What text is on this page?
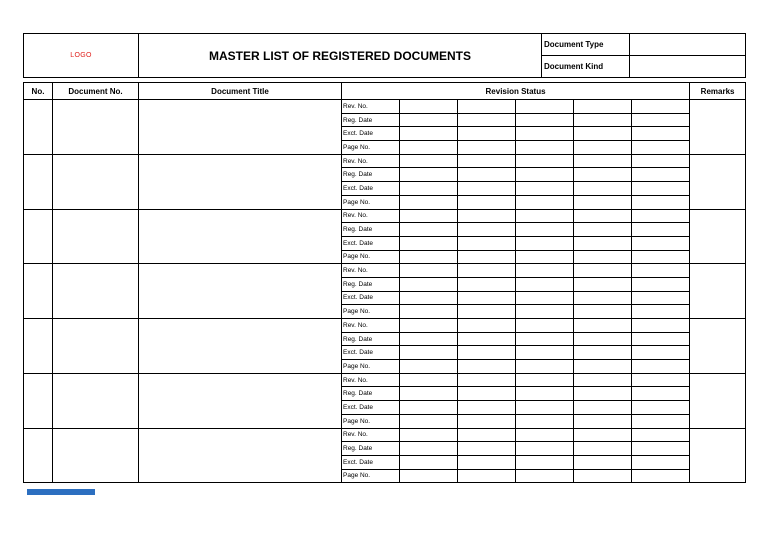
LOGO	MASTER LIST OF REGISTERED DOCUMENTS	Document Type	
		Document Kind	
No.	Document No.	Document Title	Revision Status						Remarks
			Rev. No.						
			Reg. Date						
			Exct. Date						
			Page No.						
			Rev. No.						
			Reg. Date						
			Exct. Date						
			Page No.						
			Rev. No.						
			Reg. Date						
			Exct. Date						
			Page No.						
			Rev. No.						
			Reg. Date						
			Exct. Date						
			Page No.						
			Rev. No.						
			Reg. Date						
			Exct. Date						
			Page No.						
			Rev. No.						
			Reg. Date						
			Exct. Date						
			Page No.						
			Rev. No.						
			Reg. Date						
			Exct. Date						
			Page No.						
